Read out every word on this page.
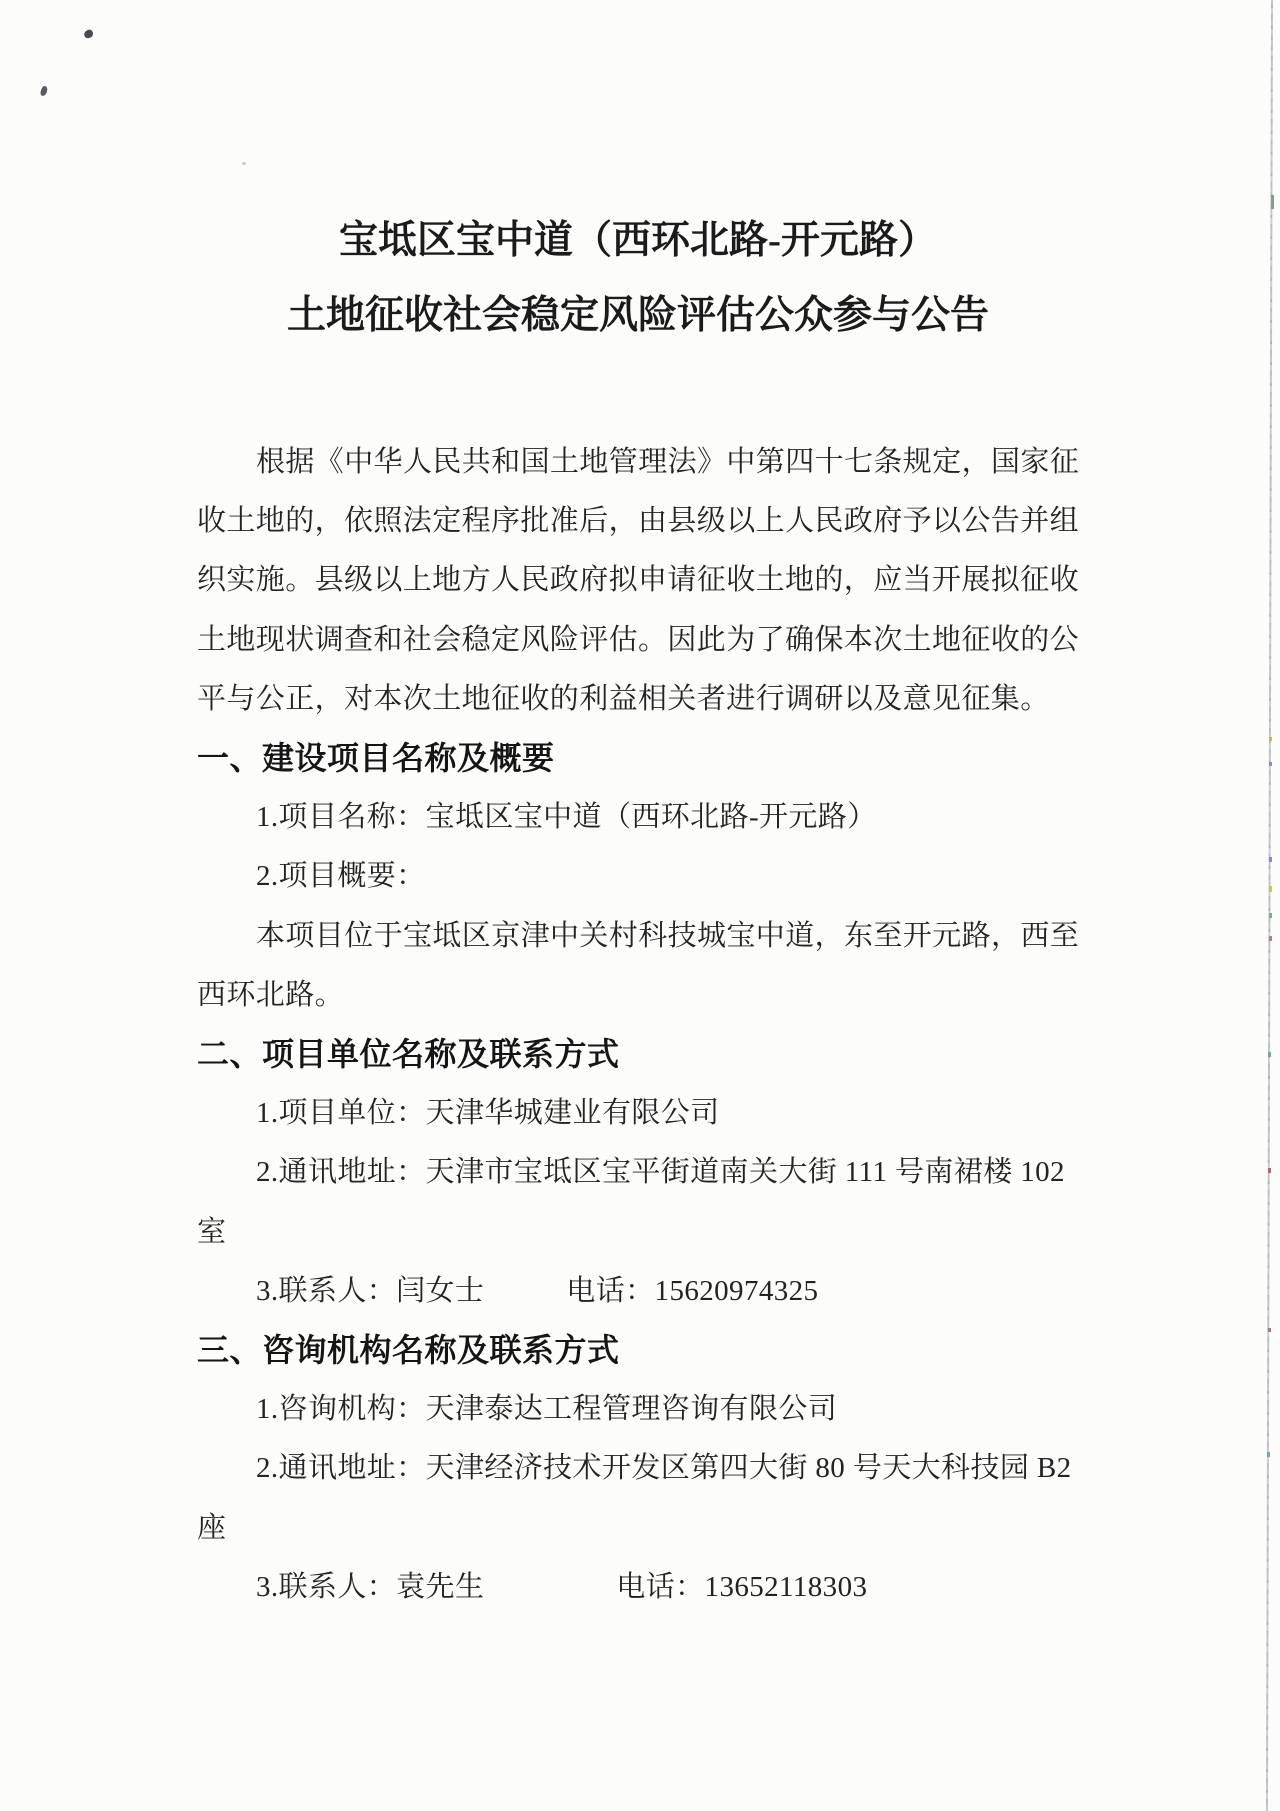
宝坻区宝中道（西环北路-开元路）
土地征收社会稳定风险评估公众参与公告
根据《中华人民共和国土地管理法》中第四十七条规定，国家征
收土地的，依照法定程序批准后，由县级以上人民政府予以公告并组
织实施。县级以上地方人民政府拟申请征收土地的，应当开展拟征收
土地现状调查和社会稳定风险评估。因此为了确保本次土地征收的公
平与公正，对本次土地征收的利益相关者进行调研以及意见征集。
一、建设项目名称及概要
1.项目名称：宝坻区宝中道（西环北路-开元路）
2.项目概要：
本项目位于宝坻区京津中关村科技城宝中道，东至开元路，西至
西环北路。
二、项目单位名称及联系方式
1.项目单位：天津华城建业有限公司
2.通讯地址：天津市宝坻区宝平街道南关大街 111 号南裙楼 102
室
3.联系人：闫女士	电话：15620974325
三、咨询机构名称及联系方式
1.咨询机构：天津泰达工程管理咨询有限公司
2.通讯地址：天津经济技术开发区第四大街 80 号天大科技园 B2
座
3.联系人：袁先生	电话：13652118303
